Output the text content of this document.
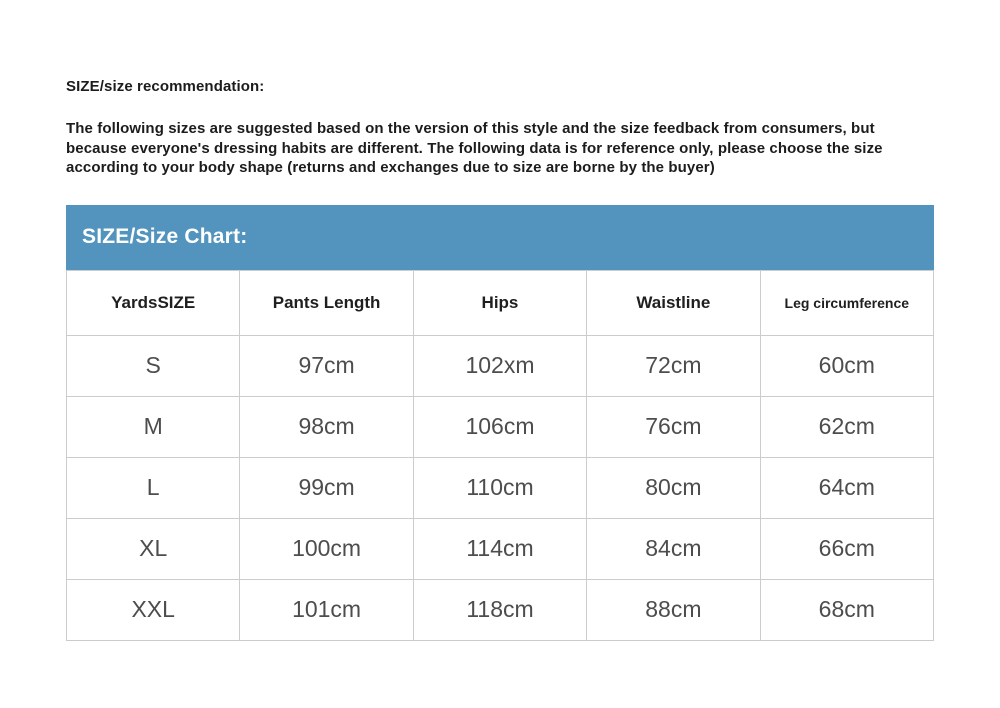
SIZE/size recommendation:

The following sizes are suggested based on the version of this style and the size feedback from consumers, but because everyone's dressing habits are different. The following data is for reference only, please choose the size according to your body shape (returns and exchanges due to size are borne by the buyer)

SIZE/Size Chart:
YardsSIZE	Pants Length	Hips	Waistline	Leg circumference
S	97cm	102xm	72cm	60cm
M	98cm	106cm	76cm	62cm
L	99cm	110cm	80cm	64cm
XL	100cm	114cm	84cm	66cm
XXL	101cm	118cm	88cm	68cm
